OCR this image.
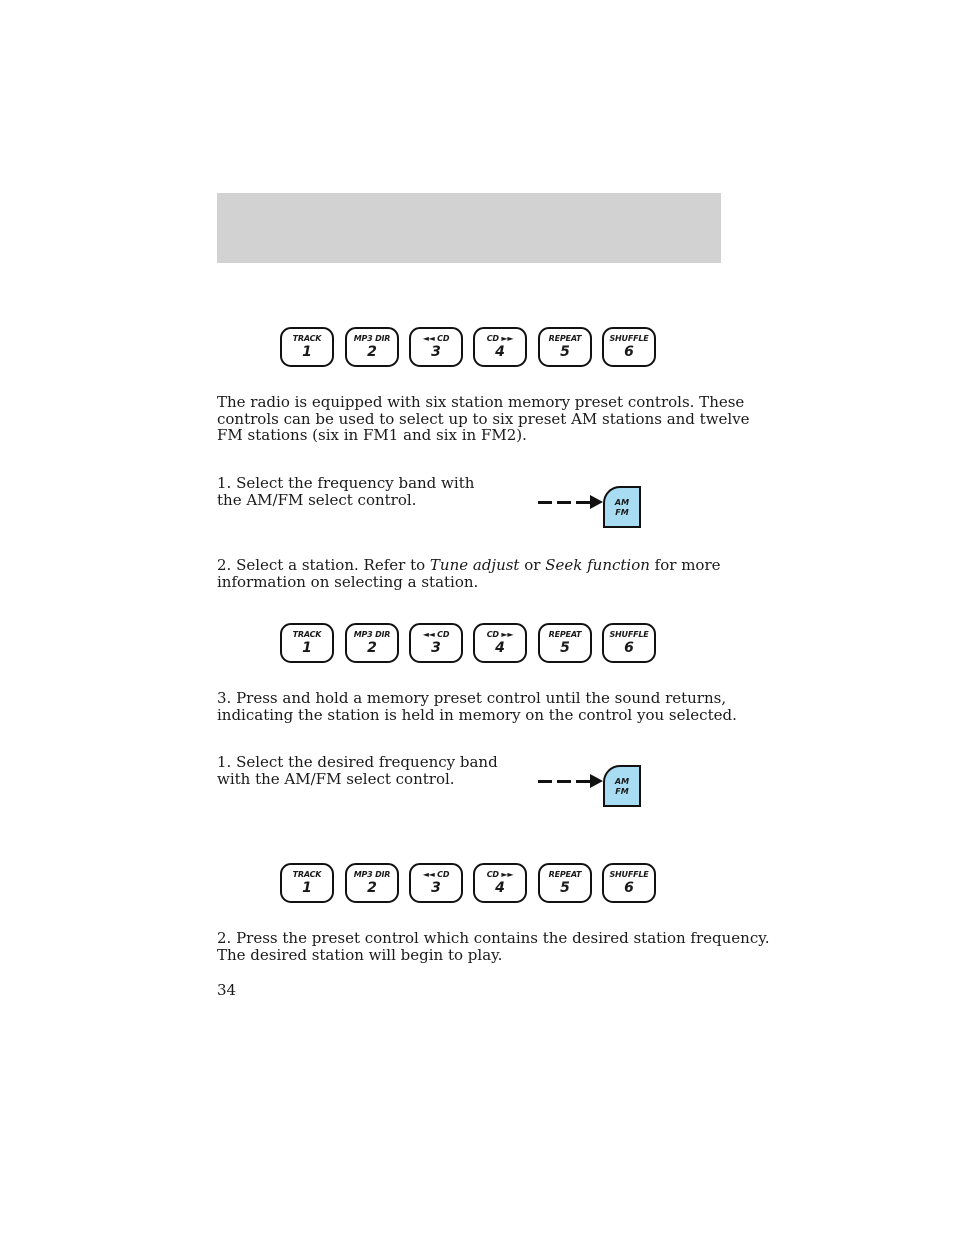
TRACK
1
MP3 DIR
2
◄◄ CD
3
CD ►►
4
REPEAT
5
SHUFFLE
6
The radio is equipped with six station memory preset controls. These
controls can be used to select up to six preset AM stations and twelve
FM stations (six in FM1 and six in FM2).
1. Select the frequency band with
the AM/FM select control.	AM
FM
2. Select a station. Refer to Tune adjust or Seek function for more
information on selecting a station.
TRACK
1
MP3 DIR
2
◄◄ CD
3
CD ►►
4
REPEAT
5
SHUFFLE
6
3. Press and hold a memory preset control until the sound returns,
indicating the station is held in memory on the control you selected.
1. Select the desired frequency band
with the AM/FM select control.	AM
FM
TRACK
1
MP3 DIR
2
◄◄ CD
3
CD ►►
4
REPEAT
5
SHUFFLE
6
2. Press the preset control which contains the desired station frequency.
The desired station will begin to play.
34
